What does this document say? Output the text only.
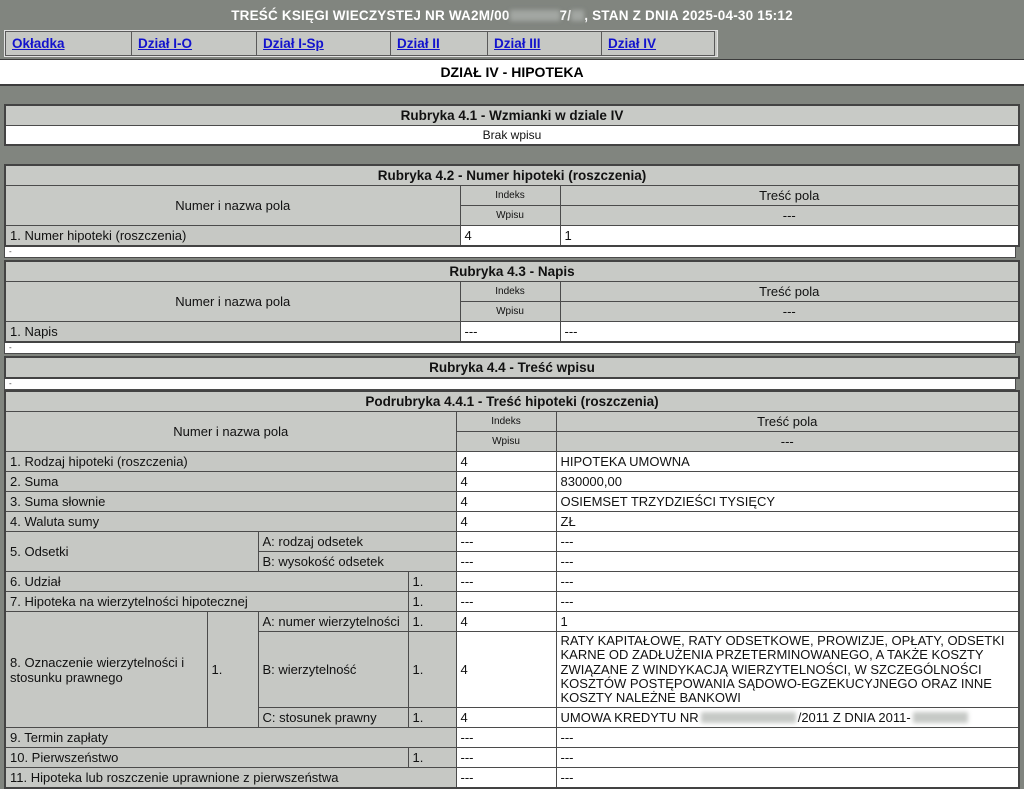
TREŚĆ KSIĘGI WIECZYSTEJ NR WA2M/00	7/ , STAN Z DNIA 2025-04-30 15:12
Okładka	Dział I-O	Dział I-Sp	Dział II	Dział III	Dział IV
DZIAŁ IV - HIPOTEKA
Rubryka 4.1 - Wzmianki w dziale IV
Brak wpisu
Rubryka 4.2 - Numer hipoteki (roszczenia)		
Numer i nazwa pola	Indeks	Treść pola
	Wpisu	---
1. Numer hipoteki (roszczenia)	4	1
-
Rubryka 4.3 - Napis		
Numer i nazwa pola	Indeks	Treść pola
	Wpisu	---
1. Napis	---	---
-
Rubryka 4.4 - Treść wpisu
-
Podrubryka 4.4.1 - Treść hipoteki (roszczenia)					
Numer i nazwa pola				Indeks	Treść pola
				Wpisu	---
1. Rodzaj hipoteki (roszczenia)				4	HIPOTEKA UMOWNA
2. Suma				4	830000,00
3. Suma słownie				4	OSIEMSET TRZYDZIEŚCI TYSIĘCY
4. Waluta sumy				4	ZŁ
5. Odsetki		A: rodzaj odsetek		---	---
		B: wysokość odsetek		---	---
6. Udział			1.	---	---
7. Hipoteka na wierzytelności hipotecznej			1.	---	---
8. Oznaczenie wierzytelności i stosunku prawnego	1.	A: numer wierzytelności	1.	4	1
		B: wierzytelność	1.	4	RATY KAPITAŁOWE, RATY ODSETKOWE, PROWIZJE, OPŁATY, ODSETKI KARNE OD ZADŁUŻENIA PRZETERMINOWANEGO, A TAKŻE KOSZTY ZWIĄZANE Z WINDYKACJĄ WIERZYTELNOŚCI, W SZCZEGÓLNOŚCI KOSZTÓW POSTĘPOWANIA SĄDOWO-EGZEKUCYJNEGO ORAZ INNE KOSZTY NALEŻNE BANKOWI
		C: stosunek prawny	1.	4	UMOWA KREDYTU NR /2011 Z DNIA 2011-
9. Termin zapłaty				---	---
10. Pierwszeństwo			1.	---	---
11. Hipoteka lub roszczenie uprawnione z pierwszeństwa				---	---
